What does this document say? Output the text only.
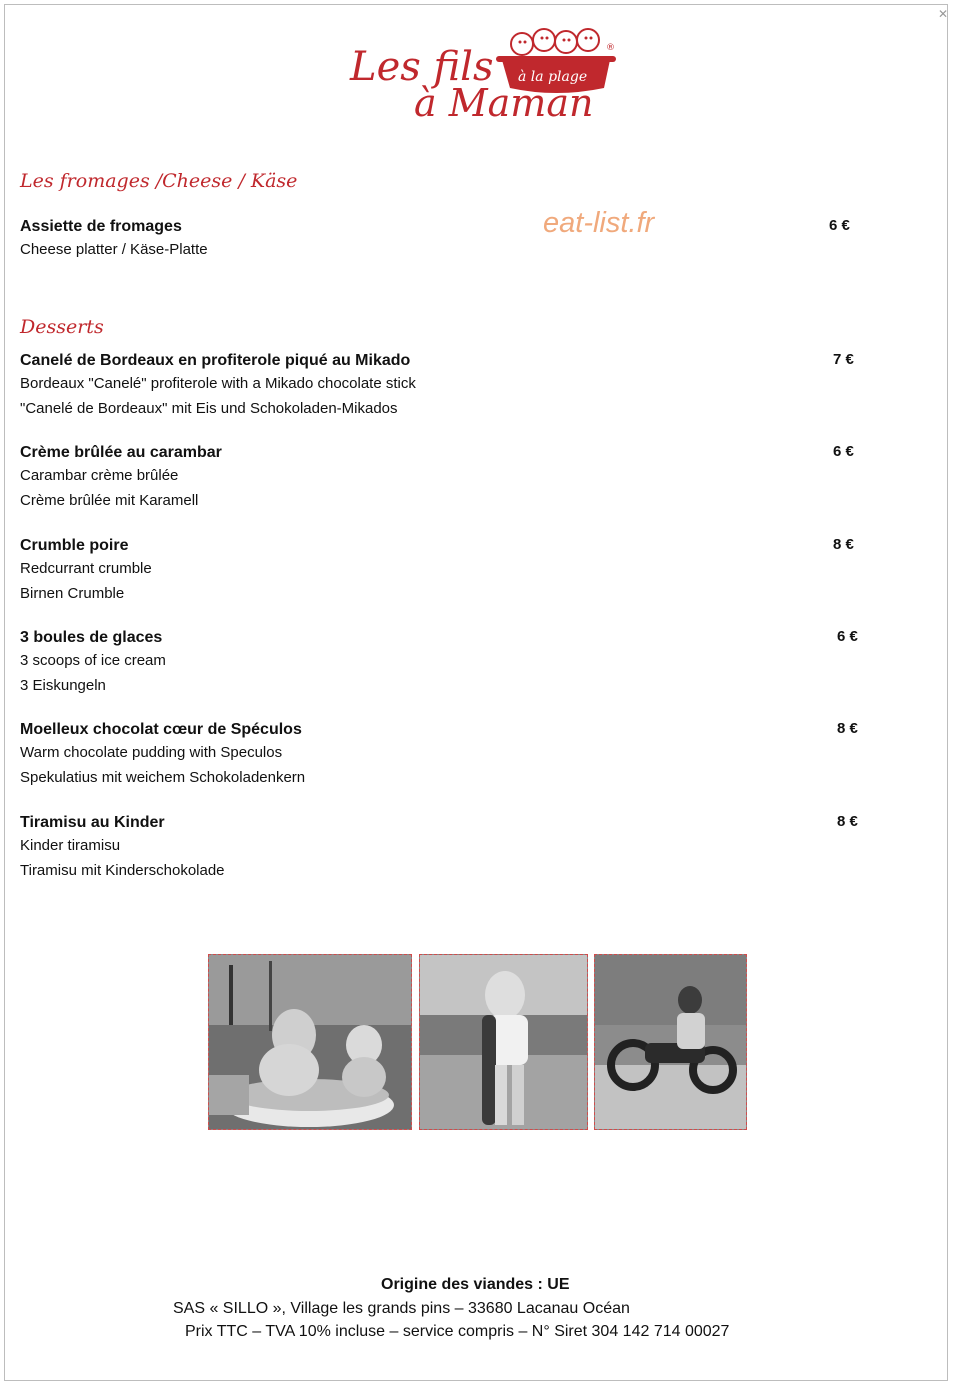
✕
Les fils
à Maman
à la plage
®
Les fromages /Cheese / Käse
eat-list.fr
Assiette de fromages
Cheese platter / Käse-Platte
6 €
Desserts
Canelé de Bordeaux en profiterole piqué au Mikado
Bordeaux "Canelé" profiterole with a Mikado chocolate stick
"Canelé de Bordeaux" mit Eis und Schokoladen-Mikados
7 €
Crème brûlée au carambar
Carambar crème brûlée
Crème brûlée mit Karamell
6 €
Crumble poire
Redcurrant crumble
Birnen Crumble
8 €
3 boules de glaces
3 scoops of ice cream
3 Eiskungeln
6 €
Moelleux chocolat cœur de Spéculos
Warm chocolate pudding with Speculos
Spekulatius mit weichem Schokoladenkern
8 €
Tiramisu au Kinder
Kinder tiramisu
Tiramisu mit Kinderschokolade
8 €
Origine des viandes : UE
SAS « SILLO », Village les grands pins – 33680 Lacanau Océan
Prix TTC – TVA 10% incluse – service compris – N° Siret 304 142 714 00027
